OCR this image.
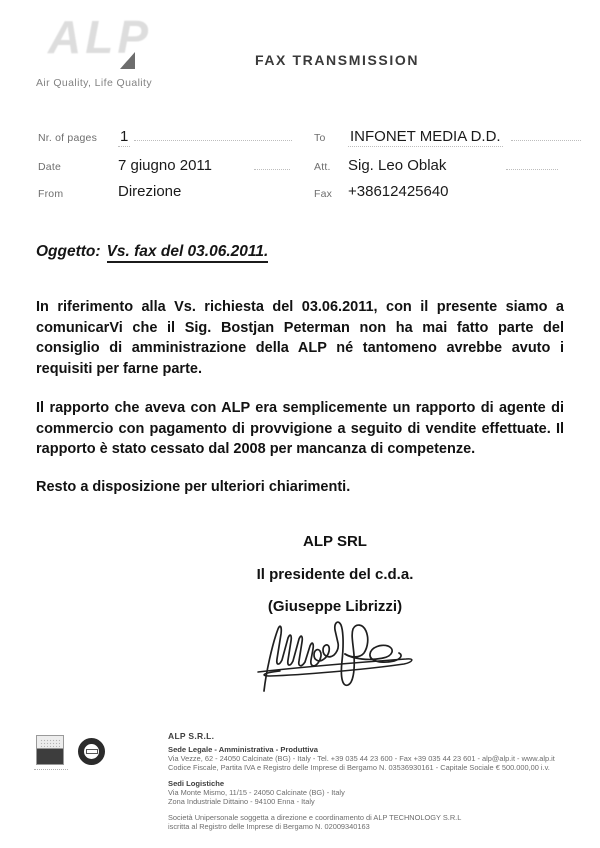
ALP
Air Quality, Life Quality
FAX TRANSMISSION
Nr. of pages	1	To	INFONET MEDIA D.D.
Date	7 giugno 2011	Att.	Sig. Leo Oblak
From	Direzione	Fax	+38612425640
Oggetto: Vs. fax del 03.06.2011.

In riferimento alla Vs. richiesta del 03.06.2011, con il presente siamo a comunicarVi che il Sig. Bostjan Peterman non ha mai fatto parte del consiglio di amministrazione della ALP né tantomeno avrebbe avuto i requisiti per farne parte.

Il rapporto che aveva con ALP era semplicemente un rapporto di agente di commercio con pagamento di provvigione a seguito di vendite effettuate. Il rapporto è stato cessato dal 2008 per mancanza di competenze.

Resto a disposizione per ulteriori chiarimenti.
ALP SRL
Il presidente del c.d.a.
(Giuseppe Librizzi)
ALP S.R.L.
Sede Legale - Amministrativa - Produttiva
Via Vezze, 62 - 24050 Calcinate (BG) - Italy - Tel. +39 035 44 23 600 - Fax +39 035 44 23 601 - alp@alp.it - www.alp.it
Codice Fiscale, Partita IVA e Registro delle Imprese di Bergamo N. 03536930161 - Capitale Sociale € 500.000,00 i.v.
Sedi Logistiche
Via Monte Mismo, 11/15 - 24050 Calcinate (BG) - Italy
Zona Industriale Dittaino - 94100 Enna - Italy
Società Unipersonale soggetta a direzione e coordinamento di ALP TECHNOLOGY S.R.L
iscritta al Registro delle Imprese di Bergamo N. 02009340163
